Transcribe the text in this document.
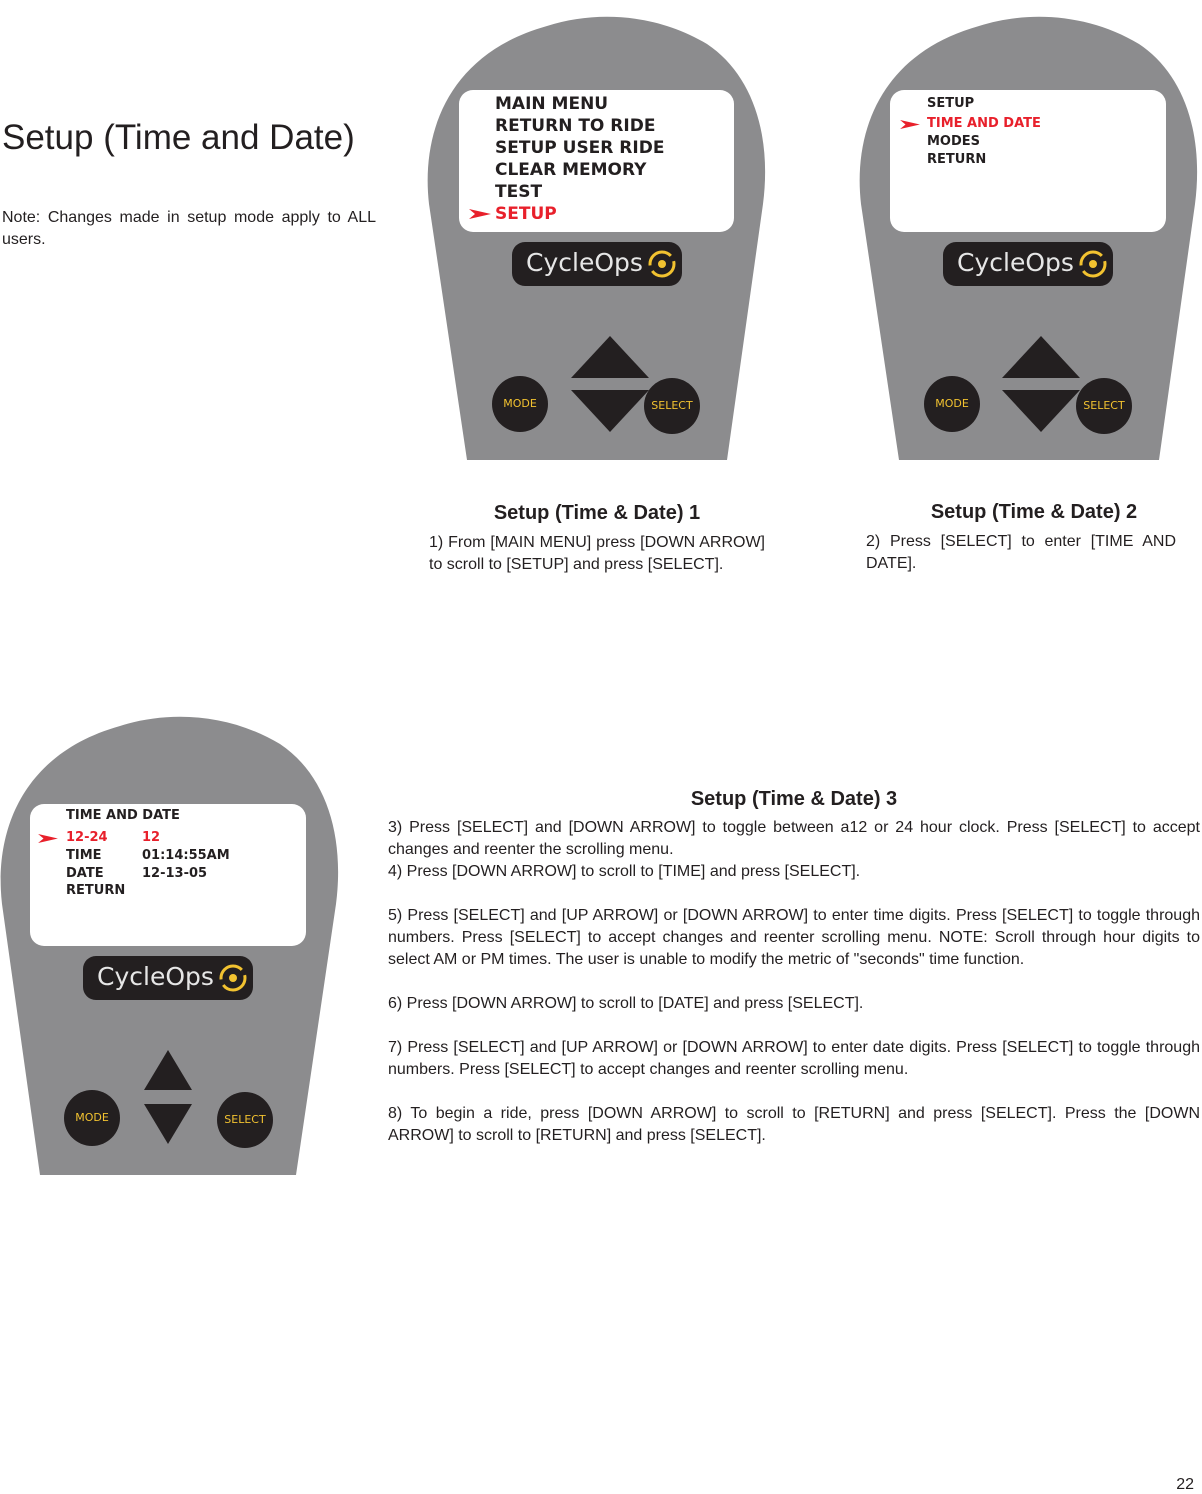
Setup (Time and Date)

Note: Changes made in setup mode apply to ALL users.

MAIN MENU
RETURN TO RIDE
SETUP USER RIDE
CLEAR MEMORY
TEST
SETUP
CycleOps
MODE	SELECT
SETUP
TIME AND DATE
MODES
RETURN
CycleOps
MODE	SELECT
Setup (Time & Date) 1

1) From [MAIN MENU] press [DOWN ARROW] to scroll to [SETUP] and press [SELECT].

Setup (Time & Date) 2

2) Press [SELECT] to enter [TIME AND DATE].

TIME AND DATE
12-24	12
TIME	01:14:55AM
DATE	12-13-05
RETURN
CycleOps
MODE	SELECT
Setup (Time & Date) 3

3) Press [SELECT] and [DOWN ARROW] to toggle between a12 or 24 hour clock. Press [SELECT] to accept changes and reenter the scrolling menu.

4) Press [DOWN ARROW] to scroll to [TIME] and press [SELECT].

5) Press [SELECT] and [UP ARROW] or [DOWN ARROW] to enter time digits. Press [SELECT] to toggle through numbers. Press [SELECT] to accept changes and reenter scrolling menu. NOTE: Scroll through hour digits to select AM or PM times. The user is unable to modify the metric of "seconds" time function.

6) Press [DOWN ARROW] to scroll to [DATE] and press [SELECT].

7) Press [SELECT] and [UP ARROW] or [DOWN ARROW] to enter date digits. Press [SELECT] to toggle through numbers. Press [SELECT] to accept changes and reenter scrolling menu.

8) To begin a ride, press [DOWN ARROW] to scroll to [RETURN] and press [SELECT]. Press the [DOWN ARROW] to scroll to [RETURN] and press [SELECT].

22
